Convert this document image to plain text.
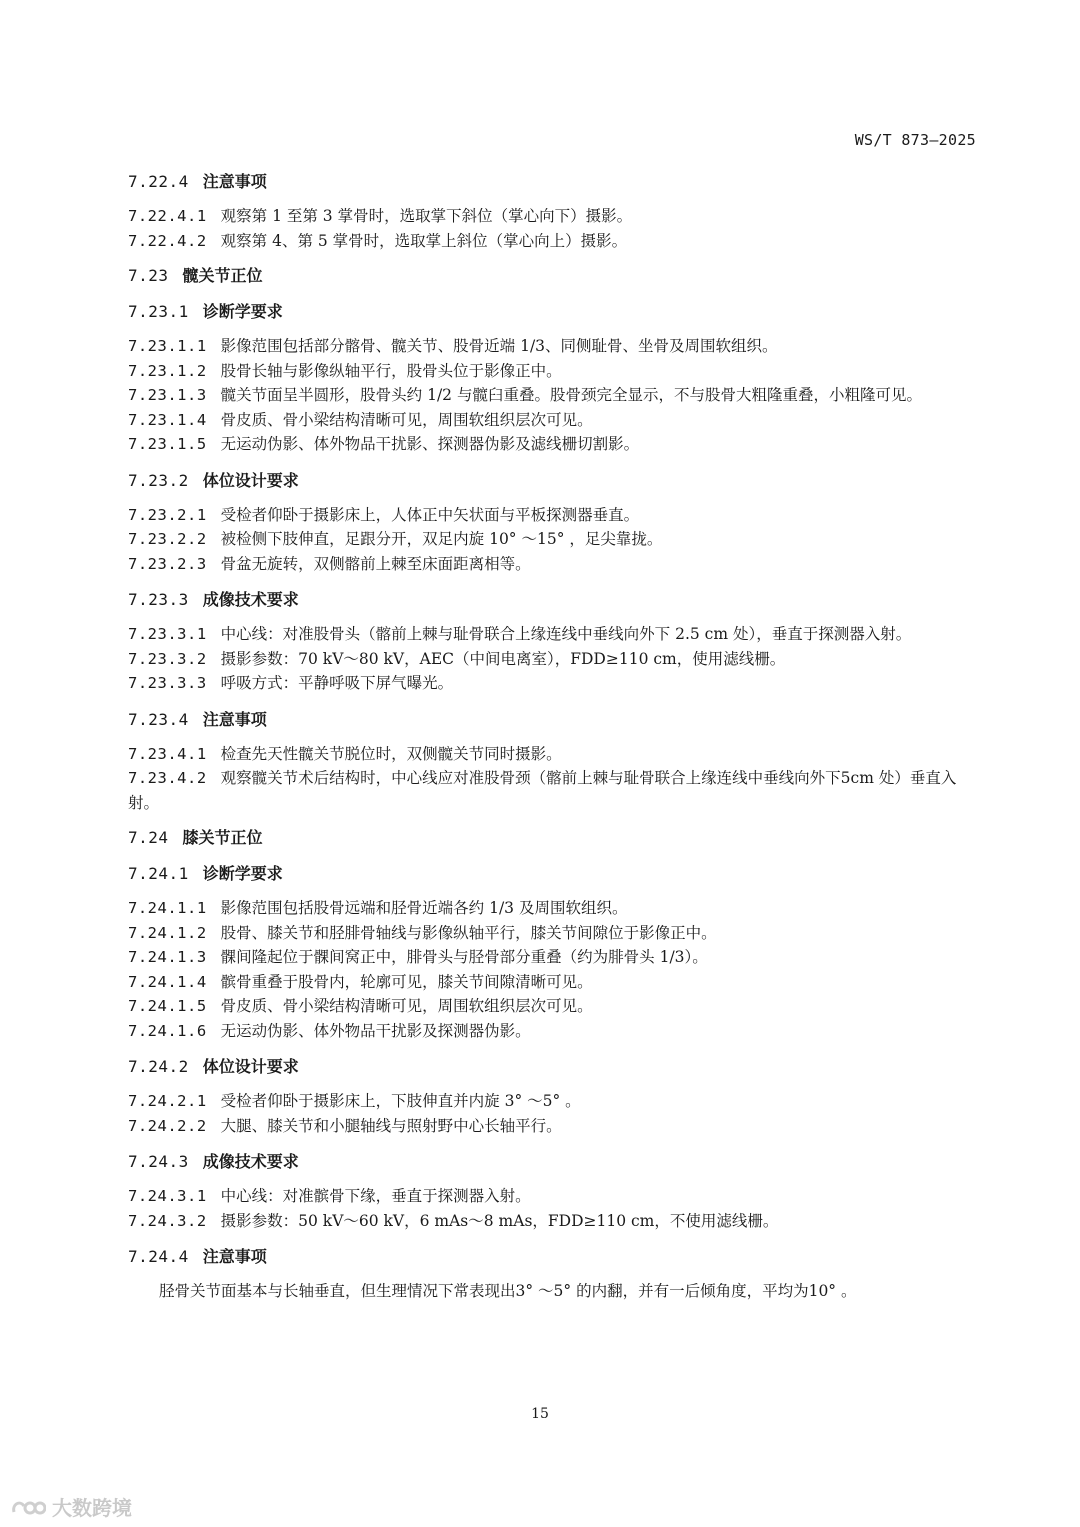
WS/T 873—2025

7.22.4 注意事项

7.22.4.1 观察第 1 至第 3 掌骨时，选取掌下斜位（掌心向下）摄影。

7.22.4.2 观察第 4、第 5 掌骨时，选取掌上斜位（掌心向上）摄影。

7.23 髋关节正位

7.23.1 诊断学要求

7.23.1.1 影像范围包括部分髂骨、髋关节、股骨近端 1/3、同侧耻骨、坐骨及周围软组织。

7.23.1.2 股骨长轴与影像纵轴平行，股骨头位于影像正中。

7.23.1.3 髋关节面呈半圆形，股骨头约 1/2 与髋臼重叠。股骨颈完全显示，不与股骨大粗隆重叠，小粗隆可见。

7.23.1.4 骨皮质、骨小梁结构清晰可见，周围软组织层次可见。

7.23.1.5 无运动伪影、体外物品干扰影、探测器伪影及滤线栅切割影。

7.23.2 体位设计要求

7.23.2.1 受检者仰卧于摄影床上，人体正中矢状面与平板探测器垂直。

7.23.2.2 被检侧下肢伸直，足跟分开，双足内旋 10° ～15° ，足尖靠拢。

7.23.2.3 骨盆无旋转，双侧髂前上棘至床面距离相等。

7.23.3 成像技术要求

7.23.3.1 中心线：对准股骨头（髂前上棘与耻骨联合上缘连线中垂线向外下 2.5 cm 处），垂直于探测器入射。

7.23.3.2 摄影参数：70 kV～80 kV，AEC（中间电离室），FDD≥110 cm，使用滤线栅。

7.23.3.3 呼吸方式：平静呼吸下屏气曝光。

7.23.4 注意事项

7.23.4.1 检查先天性髋关节脱位时，双侧髋关节同时摄影。

7.23.4.2 观察髋关节术后结构时，中心线应对准股骨颈（髂前上棘与耻骨联合上缘连线中垂线向外下5cm 处）垂直入射。

7.24 膝关节正位

7.24.1 诊断学要求

7.24.1.1 影像范围包括股骨远端和胫骨近端各约 1/3 及周围软组织。

7.24.1.2 股骨、膝关节和胫腓骨轴线与影像纵轴平行，膝关节间隙位于影像正中。

7.24.1.3 髁间隆起位于髁间窝正中，腓骨头与胫骨部分重叠（约为腓骨头 1/3）。

7.24.1.4 髌骨重叠于股骨内，轮廓可见，膝关节间隙清晰可见。

7.24.1.5 骨皮质、骨小梁结构清晰可见，周围软组织层次可见。

7.24.1.6 无运动伪影、体外物品干扰影及探测器伪影。

7.24.2 体位设计要求

7.24.2.1 受检者仰卧于摄影床上，下肢伸直并内旋 3° ～5° 。

7.24.2.2 大腿、膝关节和小腿轴线与照射野中心长轴平行。

7.24.3 成像技术要求

7.24.3.1 中心线：对准髌骨下缘，垂直于探测器入射。

7.24.3.2 摄影参数：50 kV～60 kV，6 mAs～8 mAs，FDD≥110 cm，不使用滤线栅。

7.24.4 注意事项

胫骨关节面基本与长轴垂直，但生理情况下常表现出3° ～5° 的内翻，并有一后倾角度，平均为10° 。

15
大数跨境
